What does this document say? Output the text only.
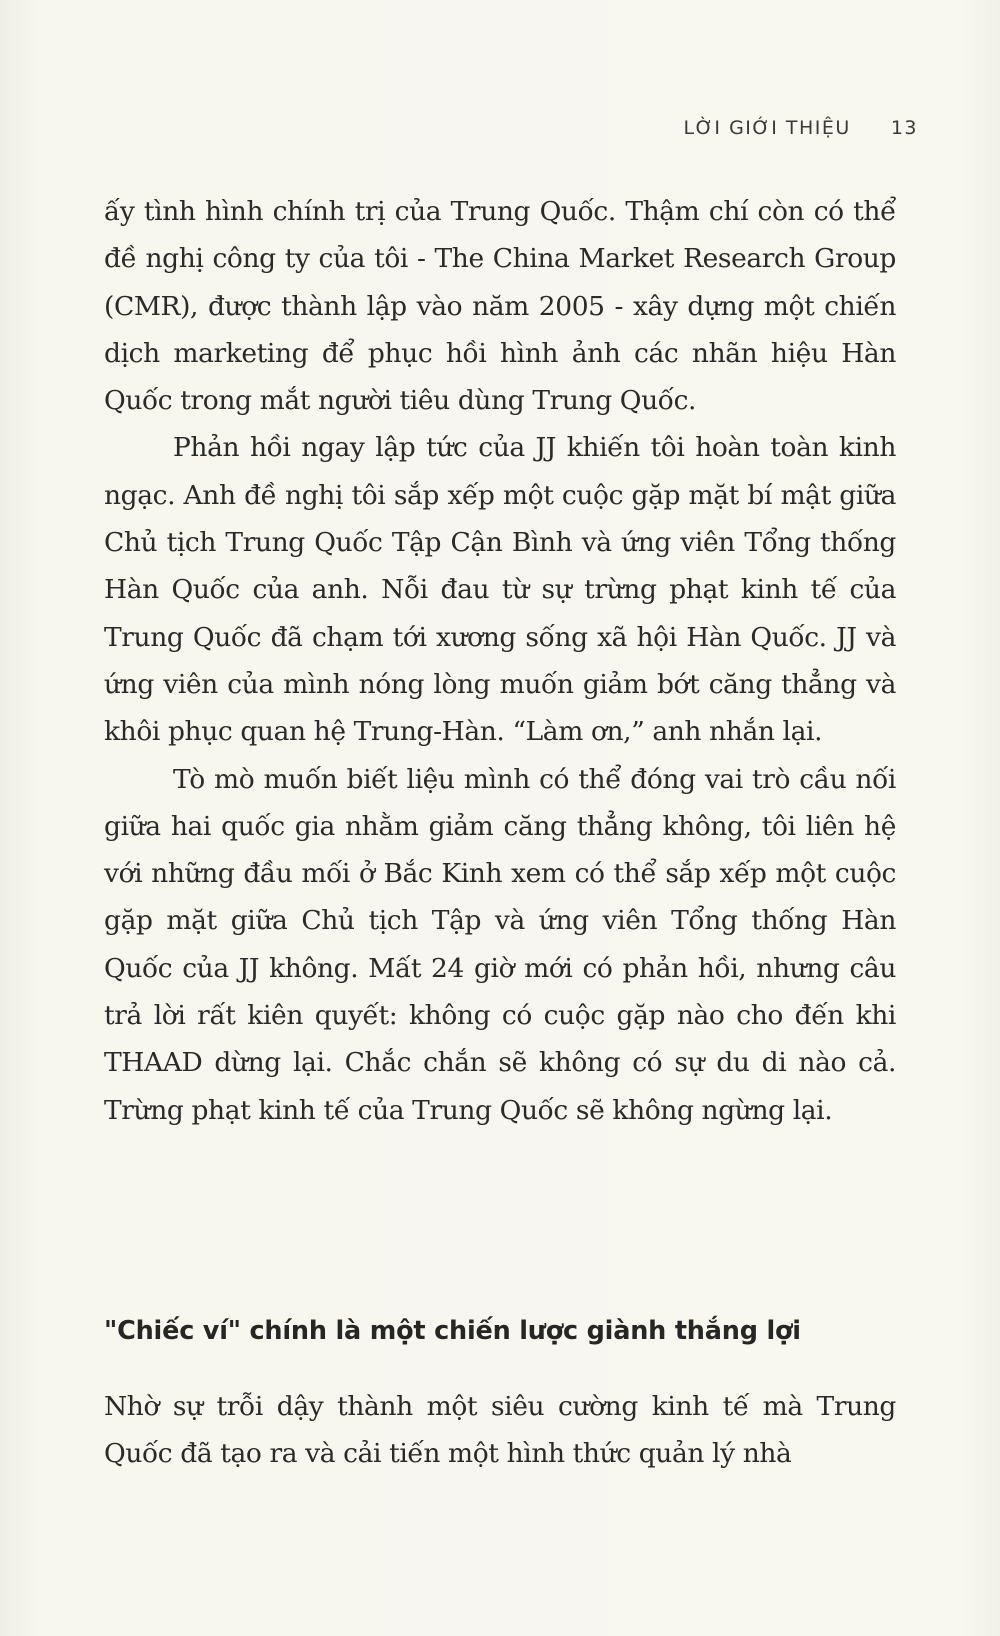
LỜI GIỚI THIỆU 13

ấy tình hình chính trị của Trung Quốc. Thậm chí còn có thể đề nghị công ty của tôi - The China Market Research Group (CMR), được thành lập vào năm 2005 - xây dựng một chiến dịch marketing để phục hồi hình ảnh các nhãn hiệu Hàn Quốc trong mắt người tiêu dùng Trung Quốc.

Phản hồi ngay lập tức của JJ khiến tôi hoàn toàn kinh ngạc. Anh đề nghị tôi sắp xếp một cuộc gặp mặt bí mật giữa Chủ tịch Trung Quốc Tập Cận Bình và ứng viên Tổng thống Hàn Quốc của anh. Nỗi đau từ sự trừng phạt kinh tế của Trung Quốc đã chạm tới xương sống xã hội Hàn Quốc. JJ và ứng viên của mình nóng lòng muốn giảm bớt căng thẳng và khôi phục quan hệ Trung-Hàn. “Làm ơn,” anh nhắn lại.

Tò mò muốn biết liệu mình có thể đóng vai trò cầu nối giữa hai quốc gia nhằm giảm căng thẳng không, tôi liên hệ với những đầu mối ở Bắc Kinh xem có thể sắp xếp một cuộc gặp mặt giữa Chủ tịch Tập và ứng viên Tổng thống Hàn Quốc của JJ không. Mất 24 giờ mới có phản hồi, nhưng câu trả lời rất kiên quyết: không có cuộc gặp nào cho đến khi THAAD dừng lại. Chắc chắn sẽ không có sự du di nào cả. Trừng phạt kinh tế của Trung Quốc sẽ không ngừng lại.

"Chiếc ví" chính là một chiến lược giành thắng lợi

Nhờ sự trỗi dậy thành một siêu cường kinh tế mà Trung Quốc đã tạo ra và cải tiến một hình thức quản lý nhà
